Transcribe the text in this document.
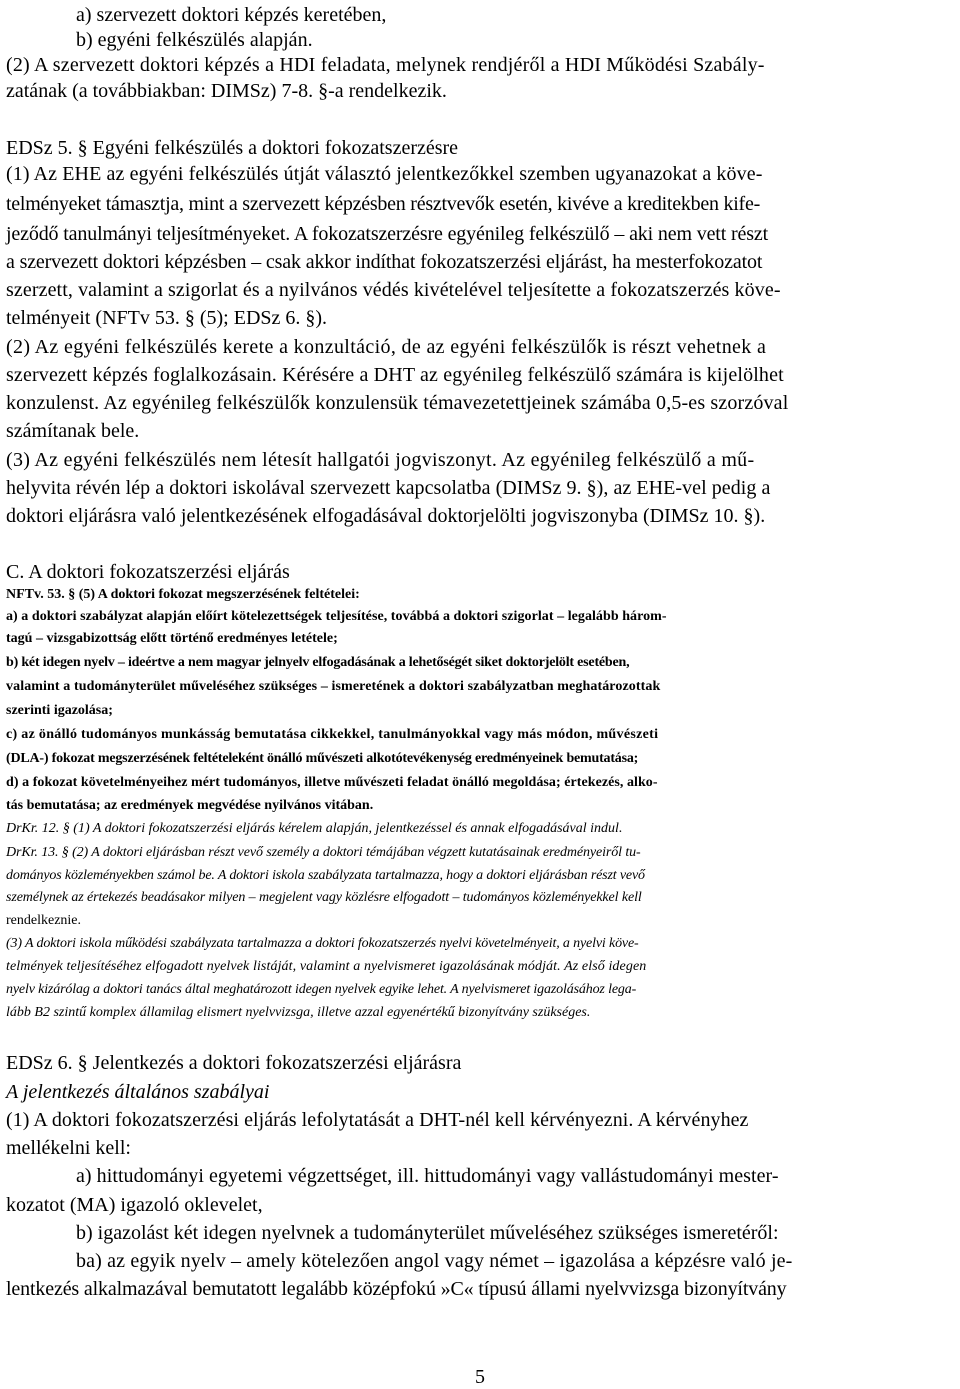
a) szervezett doktori képzés keretében,
b) egyéni felkészülés alapján.
(2) A szervezett doktori képzés a HDI feladata, melynek rendjéről a HDI Működési Szabály-
zatának (a továbbiakban: DIMSz) 7-8. §-a rendelkezik.
EDSz 5. § Egyéni felkészülés a doktori fokozatszerzésre
(1) Az EHE az egyéni felkészülés útját választó jelentkezőkkel szemben ugyanazokat a köve-
telményeket támasztja, mint a szervezett képzésben résztvevők esetén, kivéve a kreditekben kife-
jeződő tanulmányi teljesítményeket. A fokozatszerzésre egyénileg felkészülő – aki nem vett részt
a szervezett doktori képzésben – csak akkor indíthat fokozatszerzési eljárást, ha mesterfokozatot
szerzett, valamint a szigorlat és a nyilvános védés kivételével teljesítette a fokozatszerzés köve-
telményeit (NFTv 53. § (5); EDSz 6. §).
(2) Az egyéni felkészülés kerete a konzultáció, de az egyéni felkészülők is részt vehetnek a
szervezett képzés foglalkozásain. Kérésére a DHT az egyénileg felkészülő számára is kijelölhet
konzulenst. Az egyénileg felkészülők konzulensük témavezetettjeinek számába 0,5-es szorzóval
számítanak bele.
(3) Az egyéni felkészülés nem létesít hallgatói jogviszonyt. Az egyénileg felkészülő a mű-
helyvita révén lép a doktori iskolával szervezett kapcsolatba (DIMSz 9. §), az EHE-vel pedig a
doktori eljárásra való jelentkezésének elfogadásával doktorjelölti jogviszonyba (DIMSz 10. §).
C. A doktori fokozatszerzési eljárás
NFTv. 53. § (5) A doktori fokozat megszerzésének feltételei:
a) a doktori szabályzat alapján előírt kötelezettségek teljesítése, továbbá a doktori szigorlat – legalább három-
tagú – vizsgabizottság előtt történő eredményes letétele;
b) két idegen nyelv – ideértve a nem magyar jelnyelv elfogadásának a lehetőségét siket doktorjelölt esetében,
valamint a tudományterület műveléséhez szükséges – ismeretének a doktori szabályzatban meghatározottak
szerinti igazolása;
c) az önálló tudományos munkásság bemutatása cikkekkel, tanulmányokkal vagy más módon, művészeti
(DLA-) fokozat megszerzésének feltételeként önálló művészeti alkotótevékenység eredményeinek bemutatása;
d) a fokozat követelményeihez mért tudományos, illetve művészeti feladat önálló megoldása; értekezés, alko-
tás bemutatása; az eredmények megvédése nyilvános vitában.
DrKr. 12. § (1) A doktori fokozatszerzési eljárás kérelem alapján, jelentkezéssel és annak elfogadásával indul.
DrKr. 13. § (2) A doktori eljárásban részt vevő személy a doktori témájában végzett kutatásainak eredményeiről tu-
dományos közleményekben számol be. A doktori iskola szabályzata tartalmazza, hogy a doktori eljárásban részt vevő
személynek az értekezés beadásakor milyen – megjelent vagy közlésre elfogadott – tudományos közleményekkel kell
rendelkeznie.
(3) A doktori iskola működési szabályzata tartalmazza a doktori fokozatszerzés nyelvi követelményeit, a nyelvi köve-
telmények teljesítéséhez elfogadott nyelvek listáját, valamint a nyelvismeret igazolásának módját. Az első idegen
nyelv kizárólag a doktori tanács által meghatározott idegen nyelvek egyike lehet. A nyelvismeret igazolásához lega-
lább B2 szintű komplex államilag elismert nyelvvizsga, illetve azzal egyenértékű bizonyítvány szükséges.
EDSz 6. § Jelentkezés a doktori fokozatszerzési eljárásra
A jelentkezés általános szabályai
(1) A doktori fokozatszerzési eljárás lefolytatását a DHT-nél kell kérvényezni. A kérvényhez
mellékelni kell:
a) hittudományi egyetemi végzettséget, ill. hittudományi vagy vallástudományi mester-
kozatot (MA) igazoló oklevelet,
b) igazolást két idegen nyelvnek a tudományterület műveléséhez szükséges ismeretéről:
ba) az egyik nyelv – amely kötelezően angol vagy német – igazolása a képzésre való je-
lentkezés alkalmazával bemutatott legalább középfokú »C« típusú állami nyelvvizsga bizonyítvány
5
